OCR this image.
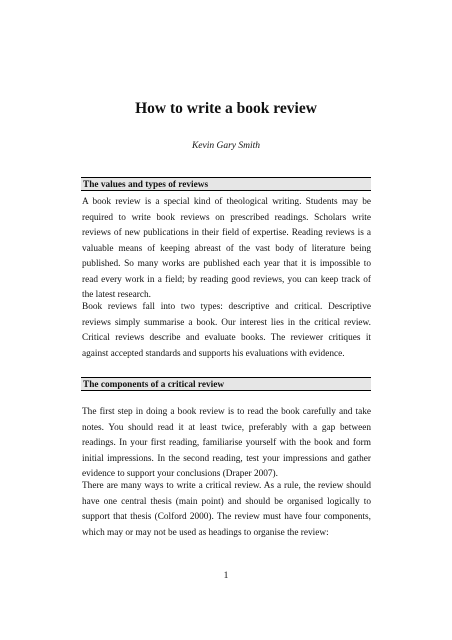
How to write a book review
Kevin Gary Smith
The values and types of reviews

A book review is a special kind of theological writing. Students may be required to write book reviews on prescribed readings. Scholars write reviews of new publications in their field of expertise. Reading reviews is a valuable means of keeping abreast of the vast body of literature being published. So many works are published each year that it is impossible to read every work in a field; by reading good reviews, you can keep track of the latest research.

Book reviews fall into two types: descriptive and critical. Descriptive reviews simply summarise a book. Our interest lies in the critical review. Critical reviews describe and evaluate books. The reviewer critiques it against accepted standards and supports his evaluations with evidence.

The components of a critical review

The first step in doing a book review is to read the book carefully and take notes. You should read it at least twice, preferably with a gap between readings. In your first reading, familiarise yourself with the book and form initial impressions. In the second reading, test your impressions and gather evidence to support your conclusions (Draper 2007).

There are many ways to write a critical review. As a rule, the review should have one central thesis (main point) and should be organised logically to support that thesis (Colford 2000). The review must have four components, which may or may not be used as headings to organise the review:

1
